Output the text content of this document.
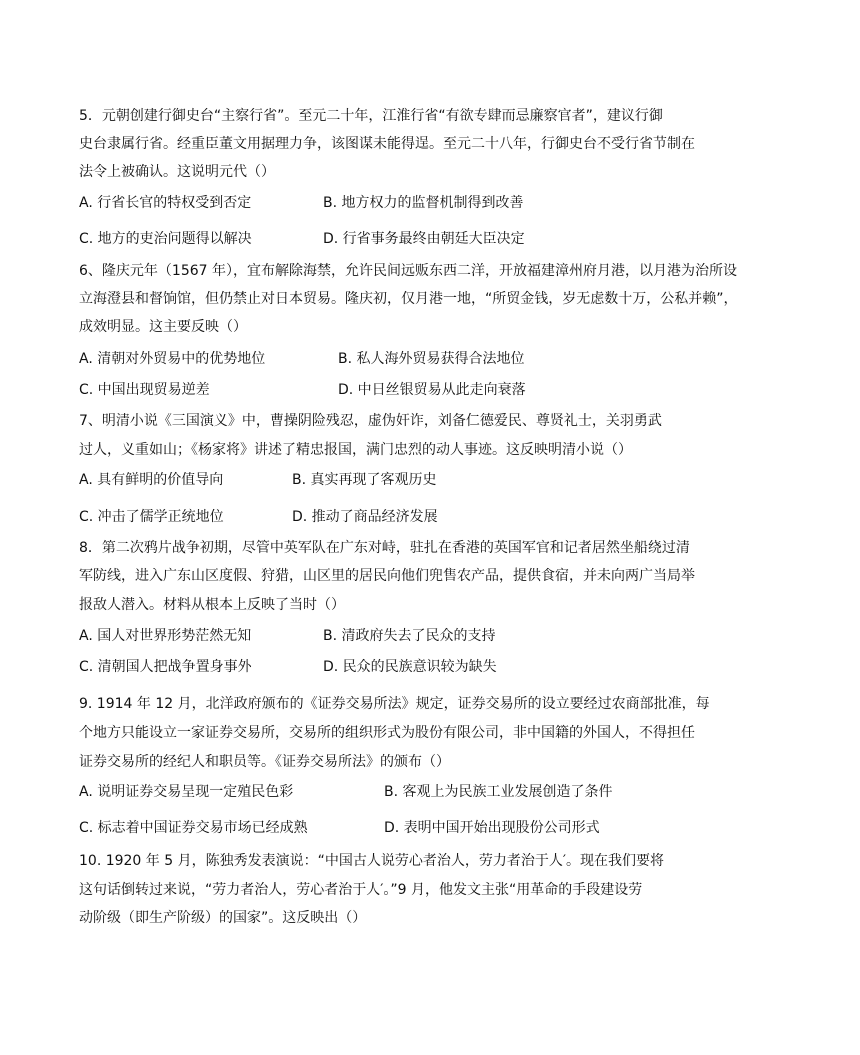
5．元朝创建行御史台“主察行省”。至元二十年，江淮行省“有欲专肆而忌廉察官者”，建议行御
史台隶属行省。经重臣董文用据理力争，该图谋未能得逞。至元二十八年，行御史台不受行省节制在
法令上被确认。这说明元代（）
A. 行省长官的特权受到否定	B. 地方权力的监督机制得到改善
C. 地方的吏治问题得以解决	D. 行省事务最终由朝廷大臣决定
6、隆庆元年（1567 年），宜布解除海禁，允许民间远贩东西二洋，开放福建漳州府月港，以月港为治所设
立海澄县和督饷馆，但仍禁止对日本贸易。隆庆初，仅月港一地，“所贸金钱，岁无虑数十万，公私并赖”，
成效明显。这主要反映（）
A. 清朝对外贸易中的优势地位	B. 私人海外贸易获得合法地位
C. 中国出现贸易逆差	D. 中日丝银贸易从此走向衰落
7、明清小说《三国演义》中，曹操阴险残忍，虚伪奸诈，刘备仁德爱民、尊贤礼士，关羽勇武
过人，义重如山；《杨家将》讲述了精忠报国，满门忠烈的动人事迹。这反映明清小说（）
A. 具有鲜明的价值导向	B. 真实再现了客观历史
C. 冲击了儒学正统地位	D. 推动了商品经济发展
8．第二次鸦片战争初期，尽管中英军队在广东对峙，驻扎在香港的英国军官和记者居然坐船绕过清
军防线，进入广东山区度假、狩猎，山区里的居民向他们兜售农产品，提供食宿，并未向两广当局举
报敌人潜入。材料从根本上反映了当时（）
A. 国人对世界形势茫然无知	B. 清政府失去了民众的支持
C. 清朝国人把战争置身事外	D. 民众的民族意识较为缺失
9. 1914 年 12 月，北洋政府颁布的《证券交易所法》规定，证券交易所的设立要经过农商部批准，每
个地方只能设立一家证券交易所，交易所的组织形式为股份有限公司，非中国籍的外国人，不得担任
证券交易所的经纪人和职员等。《证券交易所法》的颁布（）
A. 说明证券交易呈现一定殖民色彩	B. 客观上为民族工业发展创造了条件
C. 标志着中国证券交易市场已经成熟	D. 表明中国开始出现股份公司形式
10. 1920 年 5 月，陈独秀发表演说：“中国古人说劳心者治人，劳力者治于人′。现在我们要将
这句话倒转过来说，“劳力者治人，劳心者治于人′。”9 月，他发文主张“用革命的手段建设劳
动阶级（即生产阶级）的国家”。这反映出（）
